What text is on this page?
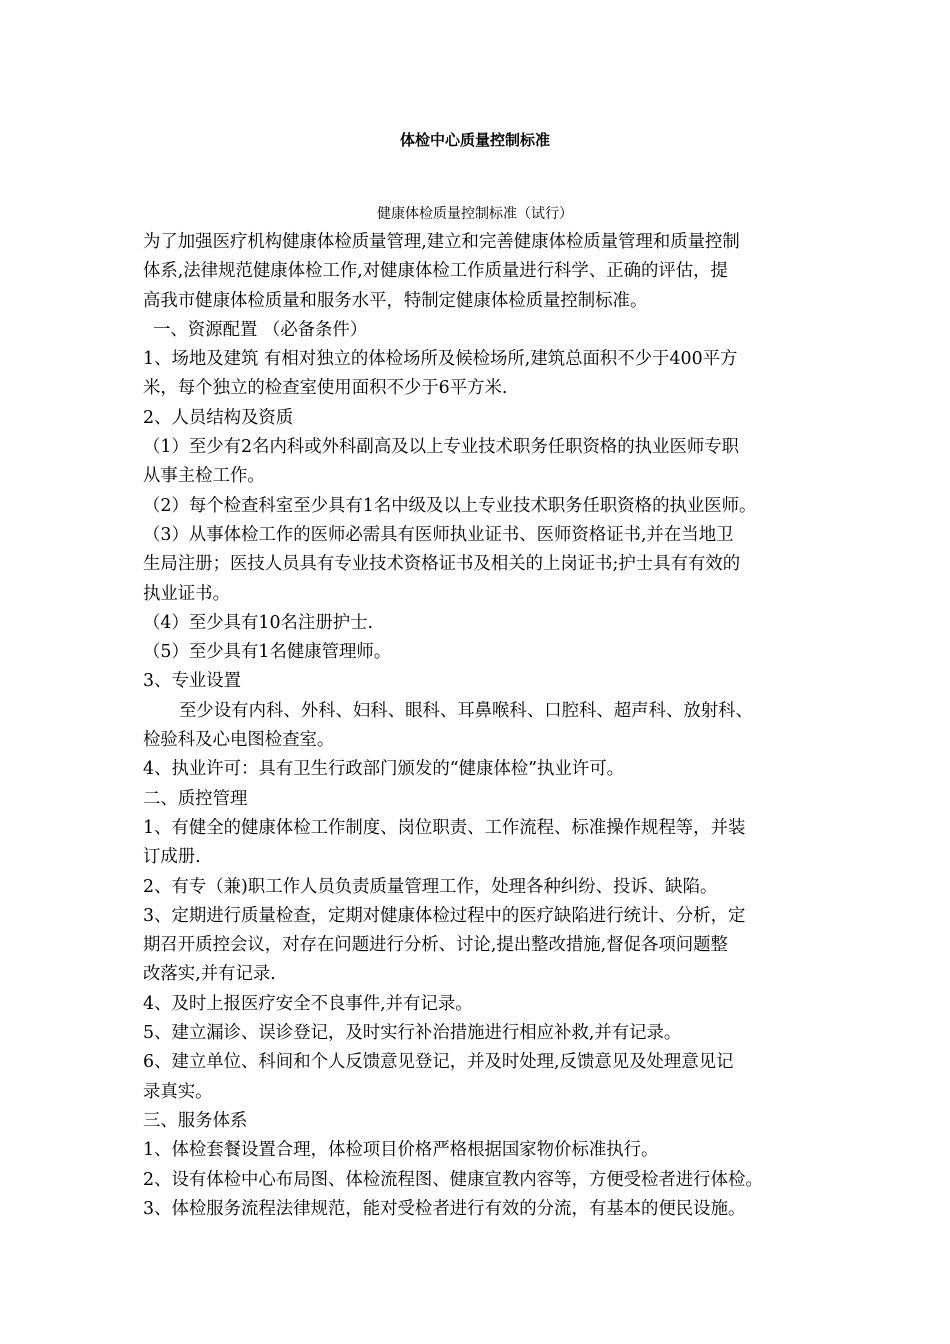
体检中心质量控制标准
健康体检质量控制标准（试行）

为了加强医疗机构健康体检质量管理,建立和完善健康体检质量管理和质量控制

体系,法律规范健康体检工作,对健康体检工作质量进行科学、正确的评估，提

高我市健康体检质量和服务水平，特制定健康体检质量控制标准。

一、资源配置 （必备条件）

1、场地及建筑 有相对独立的体检场所及候检场所,建筑总面积不少于400平方

米，每个独立的检查室使用面积不少于6平方米.

2、人员结构及资质

（1）至少有2名内科或外科副高及以上专业技术职务任职资格的执业医师专职

从事主检工作。

（2）每个检查科室至少具有1名中级及以上专业技术职务任职资格的执业医师。

（3）从事体检工作的医师必需具有医师执业证书、医师资格证书,并在当地卫

生局注册；医技人员具有专业技术资格证书及相关的上岗证书;护士具有有效的

执业证书。

（4）至少具有10名注册护士.

（5）至少具有1名健康管理师。

3、专业设置

至少设有内科、外科、妇科、眼科、耳鼻喉科、口腔科、超声科、放射科、

检验科及心电图检查室。

4、执业许可：具有卫生行政部门颁发的“健康体检”执业许可。

二、质控管理

1、有健全的健康体检工作制度、岗位职责、工作流程、标准操作规程等，并装

订成册.

2、有专（兼)职工作人员负责质量管理工作，处理各种纠纷、投诉、缺陷。

3、定期进行质量检查，定期对健康体检过程中的医疗缺陷进行统计、分析，定

期召开质控会议，对存在问题进行分析、讨论,提出整改措施,督促各项问题整

改落实,并有记录.

4、及时上报医疗安全不良事件,并有记录。

5、建立漏诊、误诊登记，及时实行补治措施进行相应补救,并有记录。

6、建立单位、科间和个人反馈意见登记，并及时处理,反馈意见及处理意见记

录真实。

三、服务体系

1、体检套餐设置合理，体检项目价格严格根据国家物价标准执行。

2、设有体检中心布局图、体检流程图、健康宣教内容等，方便受检者进行体检。

3、体检服务流程法律规范，能对受检者进行有效的分流，有基本的便民设施。
